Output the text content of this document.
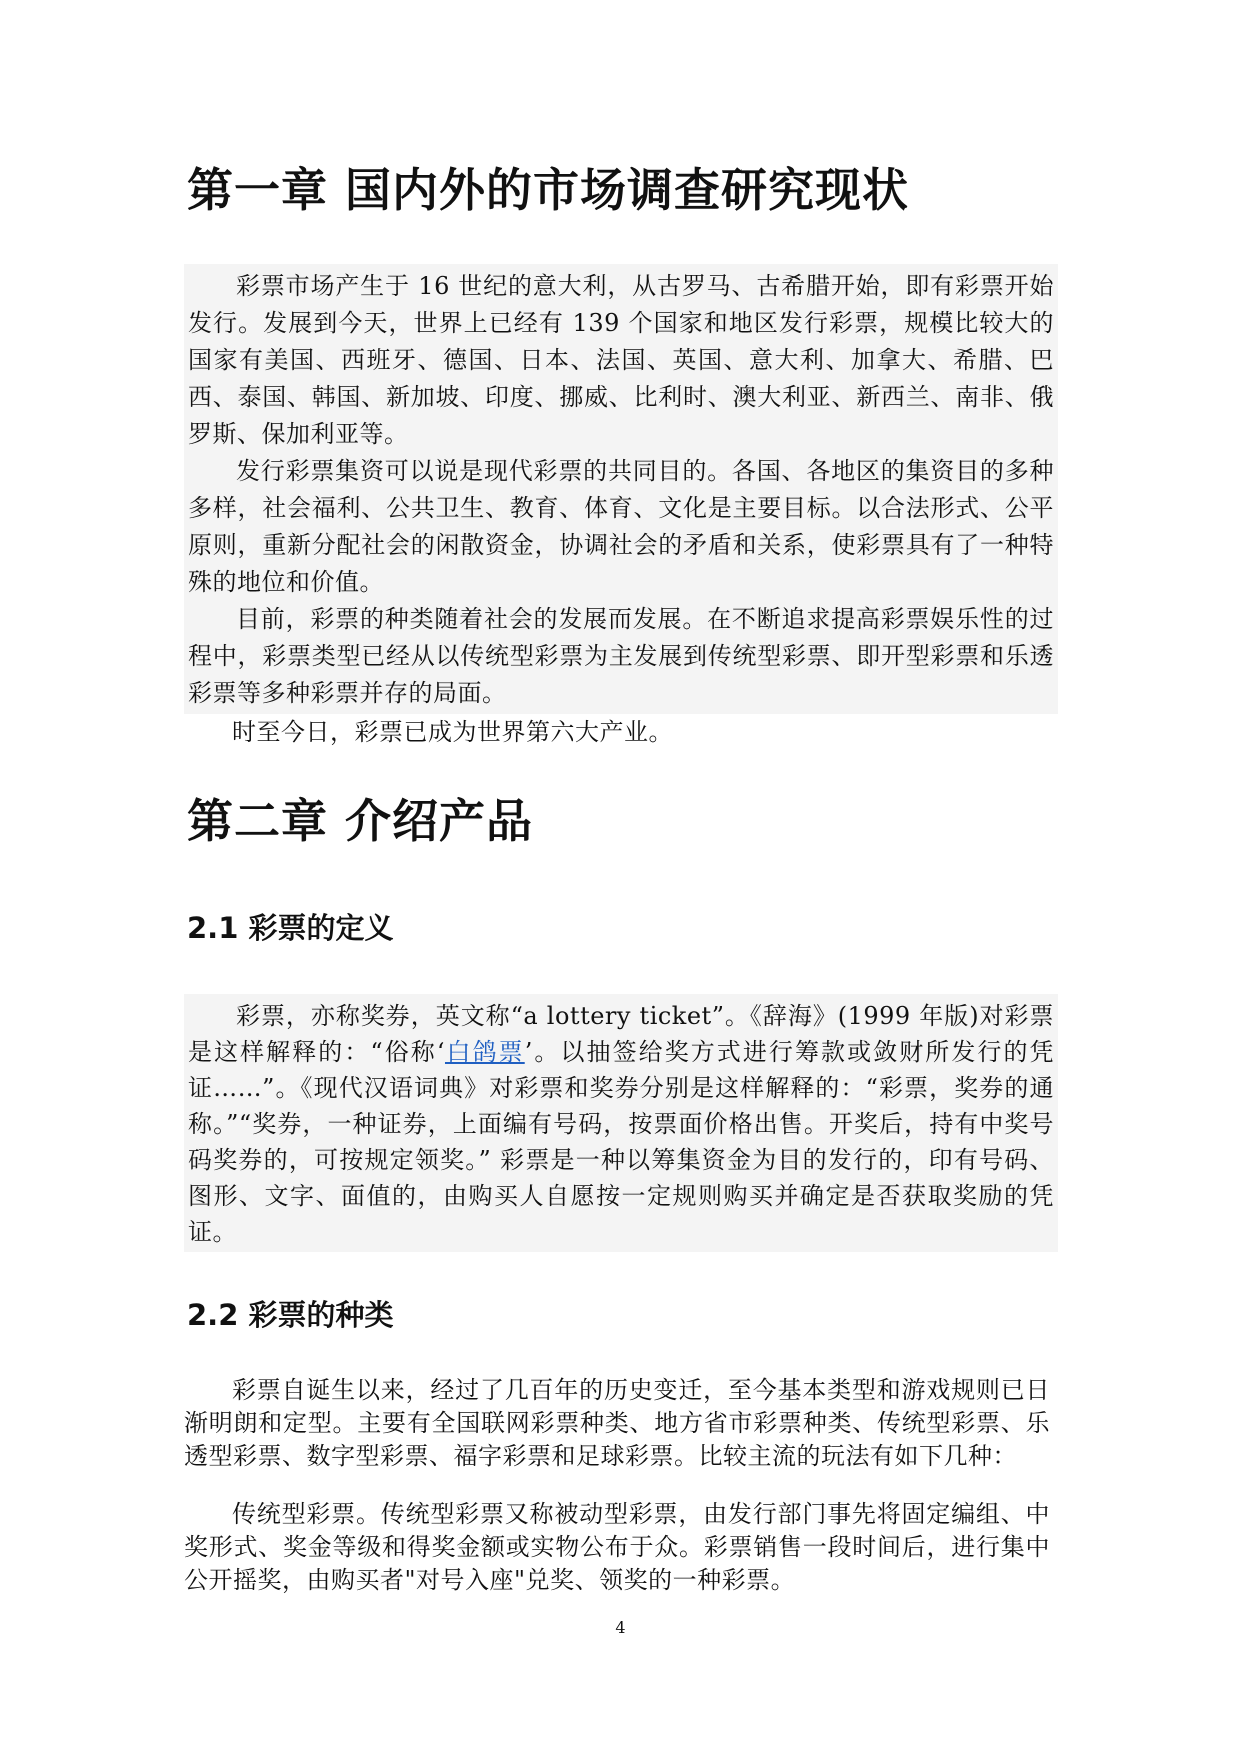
第一章 国内外的市场调查研究现状

彩票市场产生于 16 世纪的意大利，从古罗马、古希腊开始，即有彩票开始发行。发展到今天，世界上已经有 139 个国家和地区发行彩票，规模比较大的国家有美国、西班牙、德国、日本、法国、英国、意大利、加拿大、希腊、巴西、泰国、韩国、新加坡、印度、挪威、比利时、澳大利亚、新西兰、南非、俄罗斯、保加利亚等。

发行彩票集资可以说是现代彩票的共同目的。各国、各地区的集资目的多种多样，社会福利、公共卫生、教育、体育、文化是主要目标。以合法形式、公平原则，重新分配社会的闲散资金，协调社会的矛盾和关系，使彩票具有了一种特殊的地位和价值。

目前，彩票的种类随着社会的发展而发展。在不断追求提高彩票娱乐性的过程中，彩票类型已经从以传统型彩票为主发展到传统型彩票、即开型彩票和乐透彩票等多种彩票并存的局面。

时至今日，彩票已成为世界第六大产业。

第二章 介绍产品
2.1 彩票的定义

彩票，亦称奖券，英文称“a lottery ticket”。《辞海》(1999 年版)对彩票是这样解释的：“俗称‘白鸽票’。以抽签给奖方式进行筹款或敛财所发行的凭证……”。《现代汉语词典》对彩票和奖券分别是这样解释的：“彩票，奖券的通称。”“奖券，一种证券，上面编有号码，按票面价格出售。开奖后，持有中奖号码奖券的，可按规定领奖。” 彩票是一种以筹集资金为目的发行的，印有号码、图形、文字、面值的，由购买人自愿按一定规则购买并确定是否获取奖励的凭证。

2.2 彩票的种类

彩票自诞生以来，经过了几百年的历史变迁，至今基本类型和游戏规则已日渐明朗和定型。主要有全国联网彩票种类、地方省市彩票种类、传统型彩票、乐透型彩票、数字型彩票、福字彩票和足球彩票。比较主流的玩法有如下几种：

传统型彩票。传统型彩票又称被动型彩票，由发行部门事先将固定编组、中奖形式、奖金等级和得奖金额或实物公布于众。彩票销售一段时间后，进行集中公开摇奖，由购买者"对号入座"兑奖、领奖的一种彩票。

4
